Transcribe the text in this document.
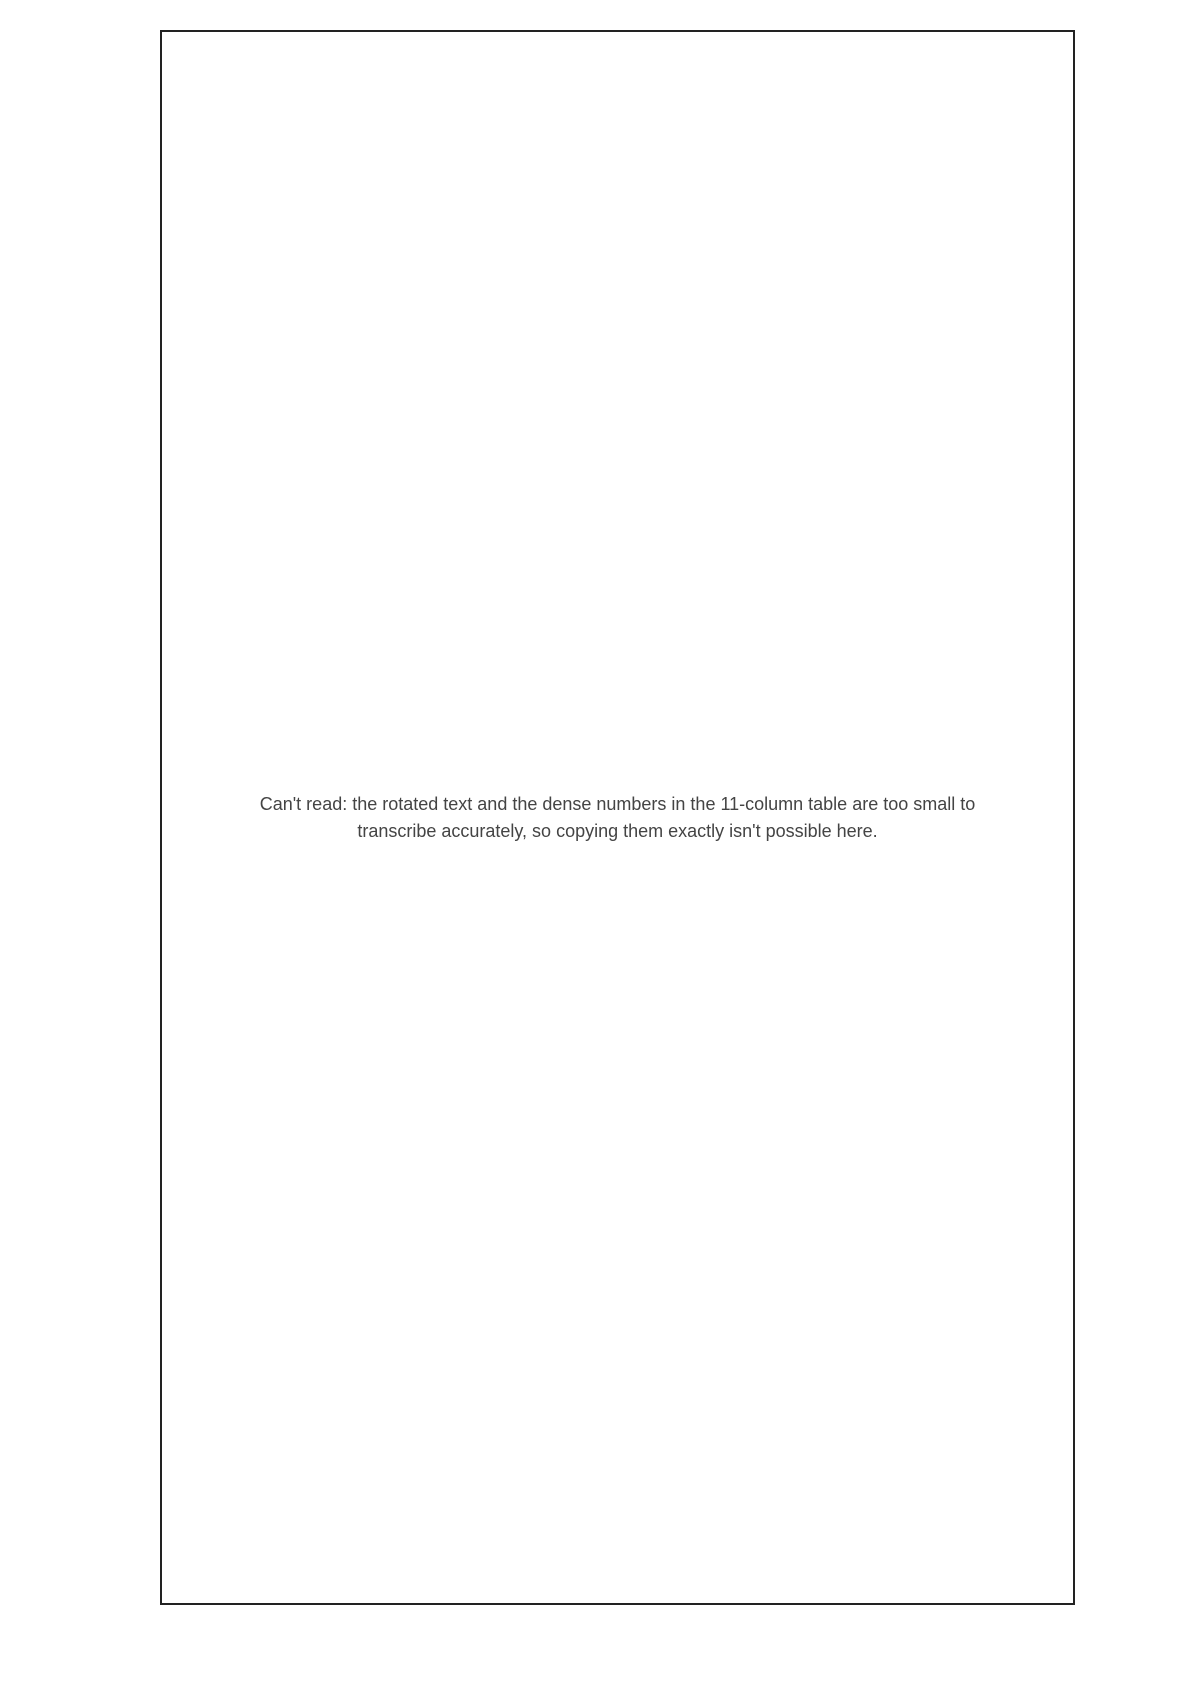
Can't read: the rotated text and the dense numbers in the 11-column table are too small to transcribe accurately, so copying them exactly isn't possible here.
